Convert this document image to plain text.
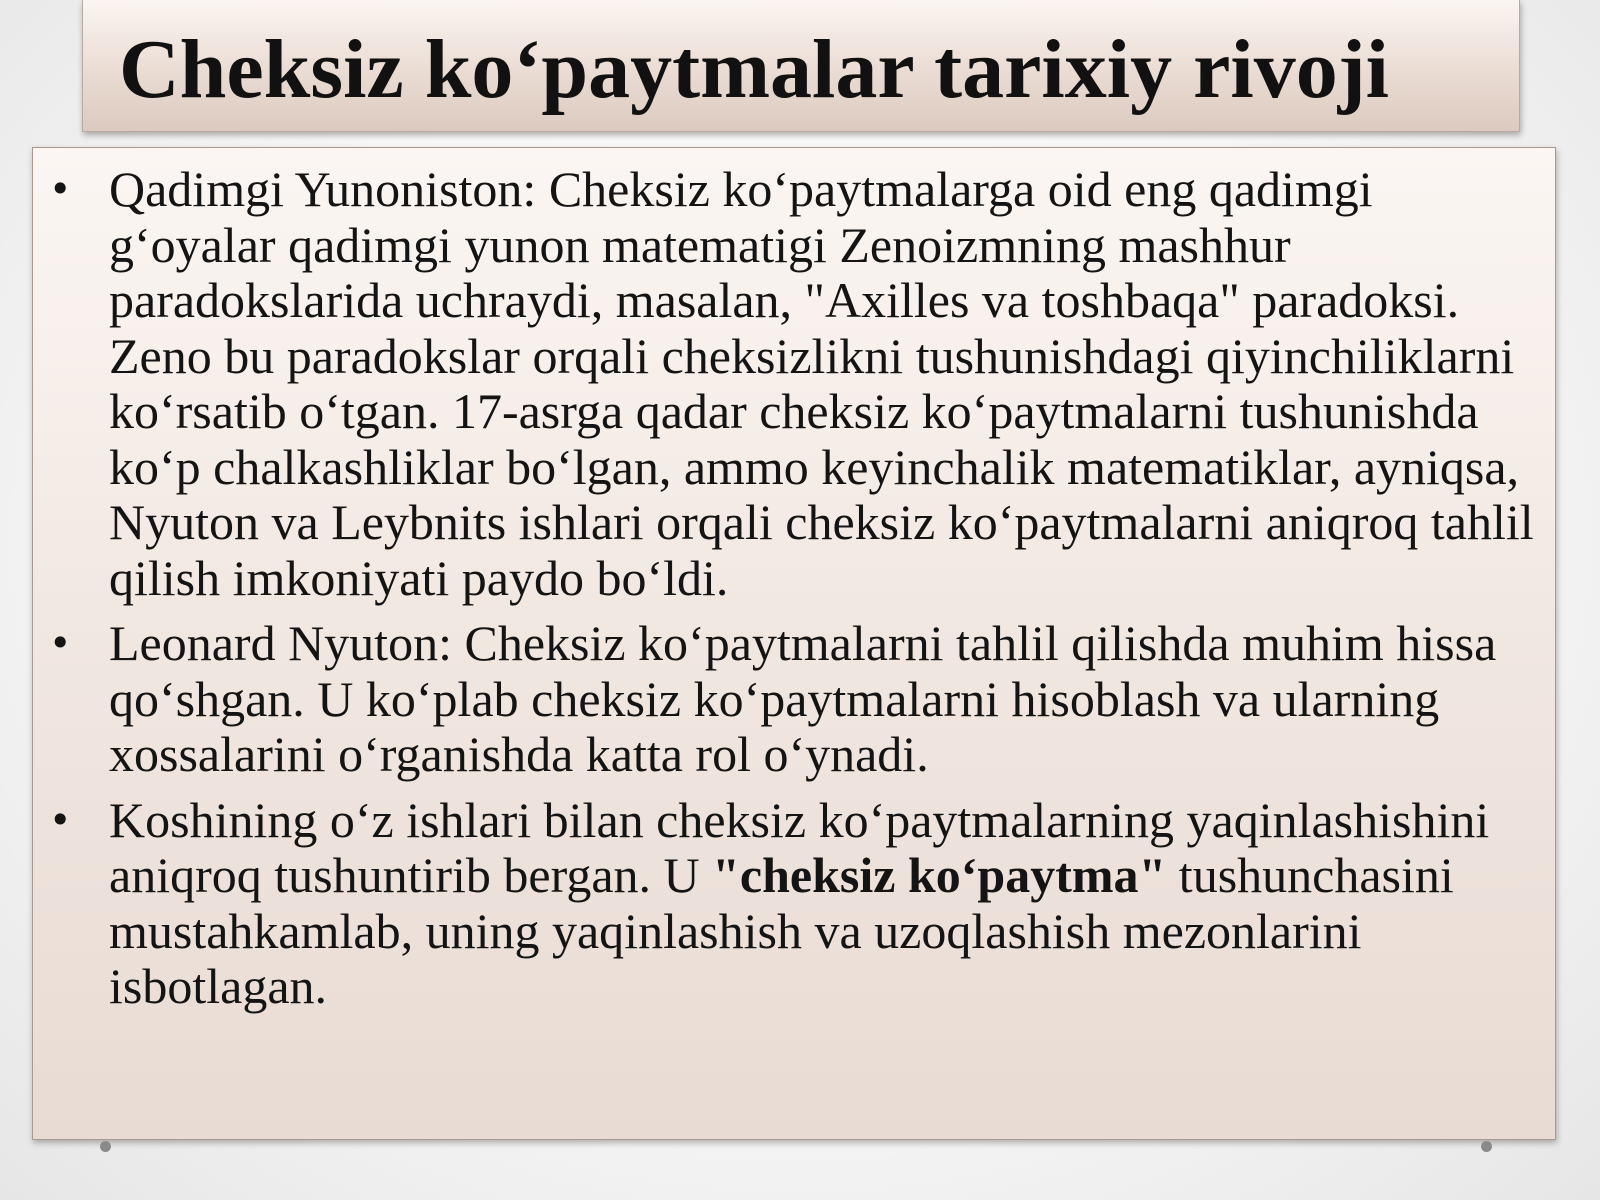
Cheksiz ko‘paytmalar tarixiy rivoji
• Qadimgi Yunoniston: Cheksiz ko‘paytmalarga oid eng qadimgi g‘oyalar qadimgi yunon matematigi Zenoizmning mashhur paradokslarida uchraydi, masalan, "Axilles va toshbaqa" paradoksi. Zeno bu paradokslar orqali cheksizlikni tushunishdagi qiyinchiliklarni ko‘rsatib o‘tgan. 17-asrga qadar cheksiz ko‘paytmalarni tushunishda ko‘p chalkashliklar bo‘lgan, ammo keyinchalik matematiklar, ayniqsa, Nyuton va Leybnits ishlari orqali cheksiz ko‘paytmalarni aniqroq tahlil qilish imkoniyati paydo bo‘ldi.
• Leonard Nyuton: Cheksiz ko‘paytmalarni tahlil qilishda muhim hissa qo‘shgan. U ko‘plab cheksiz ko‘paytmalarni hisoblash va ularning xossalarini o‘rganishda katta rol o‘ynadi.
• Koshining o‘z ishlari bilan cheksiz ko‘paytmalarning yaqinlashishini aniqroq tushuntirib bergan. U "cheksiz ko‘paytma" tushunchasini mustahkamlab, uning yaqinlashish va uzoqlashish mezonlarini isbotlagan.
